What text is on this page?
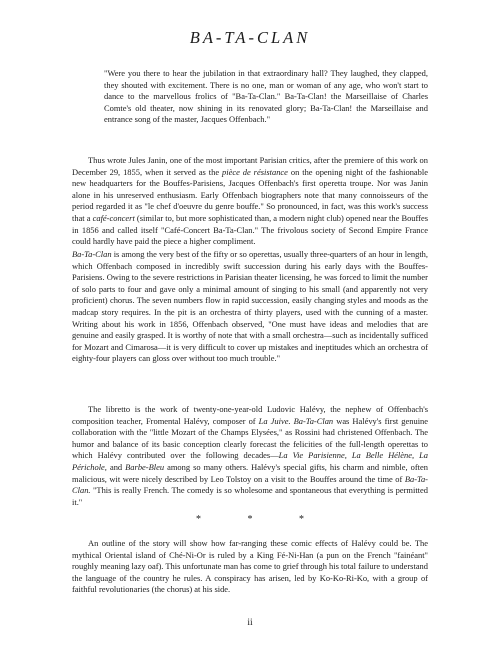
BA-TA-CLAN

"Were you there to hear the jubilation in that extraordinary hall? They laughed, they clapped, they shouted with excitement. There is no one, man or woman of any age, who won't start to dance to the marvellous frolics of "Ba-Ta-Clan." Ba-Ta-Clan! the Marseillaise of Charles Comte's old theater, now shining in its renovated glory; Ba-Ta-Clan! the Marseillaise and entrance song of the master, Jacques Offenbach."

Thus wrote Jules Janin, one of the most important Parisian critics, after the premiere of this work on December 29, 1855, when it served as the pièce de résistance on the opening night of the fashionable new headquarters for the Bouffes-Parisiens, Jacques Offenbach's first operetta troupe. Nor was Janin alone in his unreserved enthusiasm. Early Offenbach biographers note that many connoisseurs of the period regarded it as "le chef d'oeuvre du genre bouffe." So pronounced, in fact, was this work's success that a café-concert (similar to, but more sophisticated than, a modern night club) opened near the Bouffes in 1856 and called itself "Café-Concert Ba-Ta-Clan." The frivolous society of Second Empire France could hardly have paid the piece a higher compliment.

Ba-Ta-Clan is among the very best of the fifty or so operettas, usually three-quarters of an hour in length, which Offenbach composed in incredibly swift succession during his early days with the Bouffes-Parisiens. Owing to the severe restrictions in Parisian theater licensing, he was forced to limit the number of solo parts to four and gave only a minimal amount of singing to his small (and apparently not very proficient) chorus. The seven numbers flow in rapid succession, easily changing styles and moods as the madcap story requires. In the pit is an orchestra of thirty players, used with the cunning of a master. Writing about his work in 1856, Offenbach observed, "One must have ideas and melodies that are genuine and easily grasped. It is worthy of note that with a small orchestra—such as incidentally sufficed for Mozart and Cimarosa—it is very difficult to cover up mistakes and ineptitudes which an orchestra of eighty-four players can gloss over without too much trouble."

The libretto is the work of twenty-one-year-old Ludovic Halévy, the nephew of Offenbach's composition teacher, Fromental Halévy, composer of La Juive. Ba-Ta-Clan was Halévy's first genuine collaboration with the "little Mozart of the Champs Elysées," as Rossini had christened Offenbach. The humor and balance of its basic conception clearly forecast the felicities of the full-length operettas to which Halévy contributed over the following decades—La Vie Parisienne, La Belle Hélène, La Périchole, and Barbe-Bleu among so many others. Halévy's special gifts, his charm and nimble, often malicious, wit were nicely described by Leo Tolstoy on a visit to the Bouffes around the time of Ba-Ta-Clan. "This is really French. The comedy is so wholesome and spontaneous that everything is permitted it."

* * *

An outline of the story will show how far-ranging these comic effects of Halévy could be. The mythical Oriental island of Ché-Ni-Or is ruled by a King Fé-Ni-Han (a pun on the French "fainéant" roughly meaning lazy oaf). This unfortunate man has come to grief through his total failure to understand the language of the country he rules. A conspiracy has arisen, led by Ko-Ko-Ri-Ko, with a group of faithful revolutionaries (the chorus) at his side.

ii
